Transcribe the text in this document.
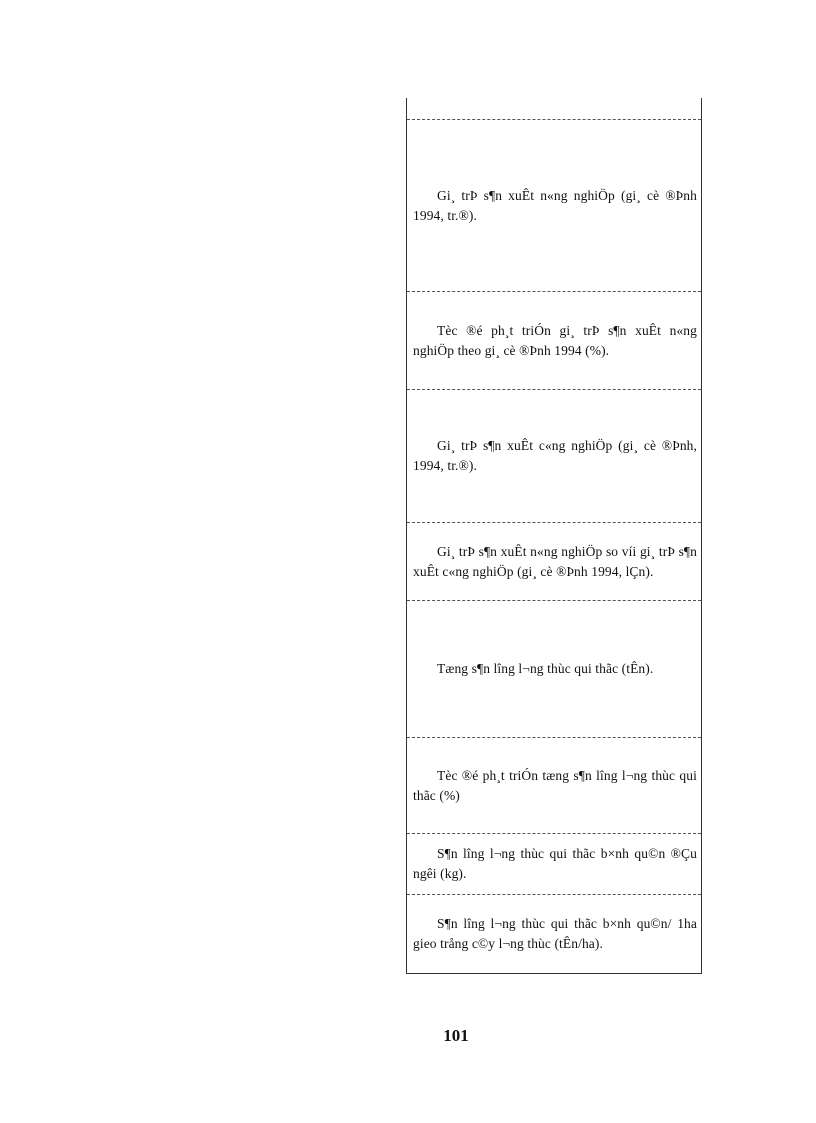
Gi¸ trÞ s¶n xuÊt n«ng nghiÖp (gi¸ cè ®Þnh 1994, tr.®).
Tèc ®é ph¸t triÓn gi¸ trÞ s¶n xuÊt n«ng nghiÖp theo gi¸ cè ®Þnh 1994 (%).
Gi¸ trÞ s¶n xuÊt c«ng nghiÖp (gi¸ cè ®Þnh, 1994, tr.®).
Gi¸ trÞ s¶n xuÊt n«ng nghiÖp so víi gi¸ trÞ s¶n xuÊt c«ng nghiÖp (gi¸ cè ®Þnh 1994, lÇn).
Tæng s¶n lîng l¬ng thùc qui thãc (tÊn).
Tèc ®é ph¸t triÓn tæng s¶n lîng l¬ng thùc qui thãc (%)
S¶n lîng l¬ng thùc qui thãc b×nh qu©n ®Çu ngêi (kg).
S¶n lîng l¬ng thùc qui thãc b×nh qu©n/ 1ha gieo trång c©y l¬ng thùc (tÊn/ha).
101
